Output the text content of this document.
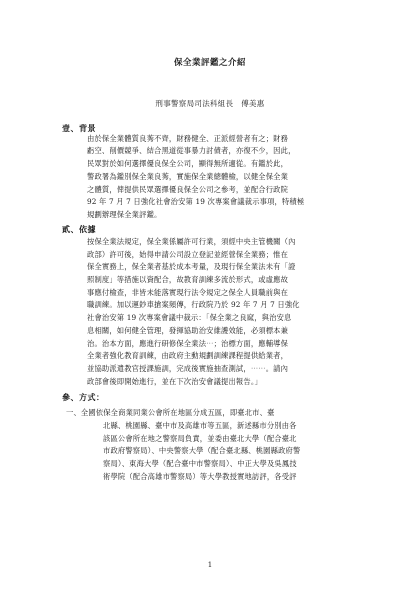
保全業評鑑之介紹
刑事警察局司法科組長　傅美惠
壹、背景
由於保全業體質良莠不齊，財務健全、正派經營者有之；財務
虧空、削價競爭、結合黑道從事暴力討債者，亦復不少，因此，
民眾對於如何選擇優良保全公司，顯得無所適從。有鑑於此，
警政署為鑑別保全業良莠，實施保全業總體檢，以健全保全業
之體質，俾提供民眾選擇優良保全公司之參考，並配合行政院
92 年 7 月 7 日強化社會治安第 19 次專案會議裁示事項，特積極
規劃辦理保全業評鑑。
貳、依據
按保全業法規定，保全業係屬許可行業，須經中央主管機關（內
政部）許可後，始得申請公司設立登記並經營保全業務；惟在
保全實務上，保全業者基於成本考量，及現行保全業法未有「證
照制度」等措施以資配合，故教育訓練多流於形式，或虛應故
事應付檢查，非皆未能落實現行法令規定之保全人員職前與在
職訓練。加以運鈔車搶案頻傳，行政院乃於 92 年 7 月 7 日強化
社會治安第 19 次專案會議中裁示：「保全業之良窳，與治安息
息相關，如何健全管理，發揮協助治安維護效能，必須標本兼
治。治本方面，應進行研修保全業法⋯；治標方面，應輔導保
全業者強化教育訓練，由政府主動規劃訓練課程提供給業者，
並協助派遣教官授課施訓，完成後實施抽查測試，⋯⋯。請內
政部會後即開始進行，並在下次治安會議提出報告。」
參、方式：
一、全國依保全商業同業公會所在地區分成五區，即臺北市、臺
北縣、桃園縣、臺中市及高雄市等五區，新述縣市分別由各
該區公會所在地之警察局負責，並委由臺北大學（配合臺北
市政府警察局）、中央警察大學（配合臺北縣、桃園縣政府警
察局）、東海大學（配合臺中市警察局）、中正大學及吳鳳技
術學院（配合高雄市警察局）等大學教授實地訪評，各受評
1
